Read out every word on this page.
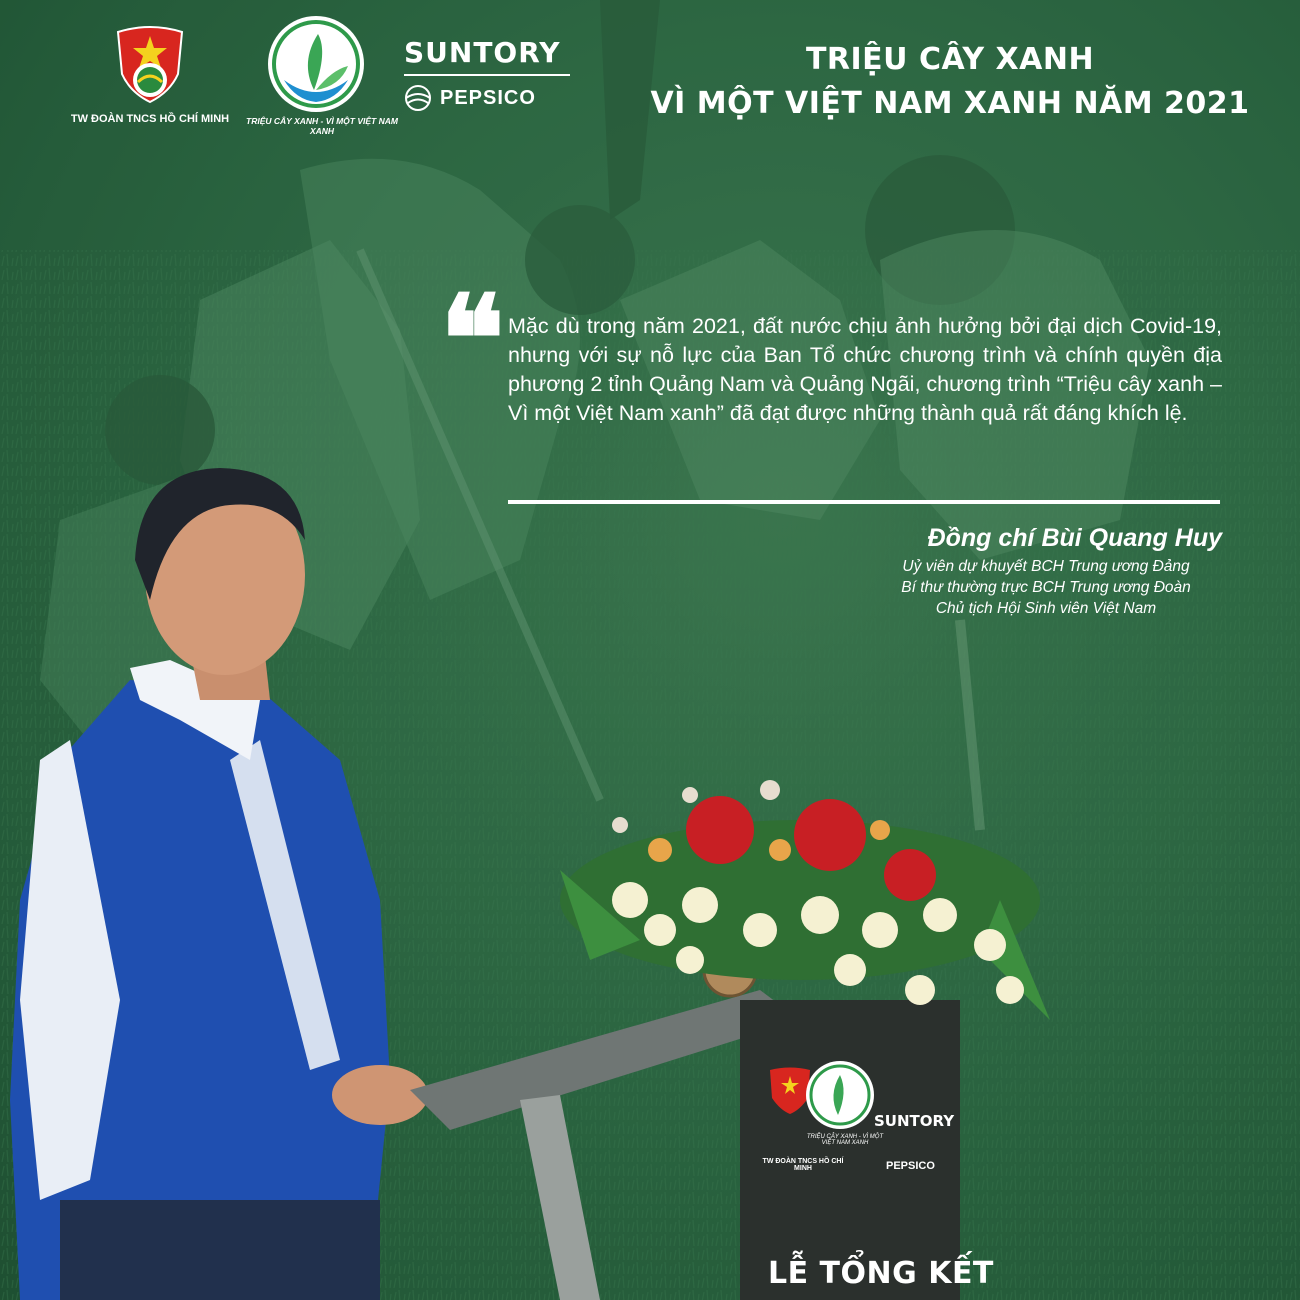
TW ĐOÀN TNCS HỒ CHÍ MINH	TRIỆU CÂY XANH - VÌ MỘT VIỆT NAM XANH
SUNTORY
PEPSICO
TRIỆU CÂY XANH
VÌ MỘT VIỆT NAM XANH NĂM 2021
❝ Mặc dù trong năm 2021, đất nước chịu ảnh hưởng bởi đại dịch Covid-19, nhưng với sự nỗ lực của Ban Tổ chức chương trình và chính quyền địa phương 2 tỉnh Quảng Nam và Quảng Ngãi, chương trình “Triệu cây xanh – Vì một Việt Nam xanh” đã đạt được những thành quả rất đáng khích lệ.
Đồng chí Bùi Quang Huy
Uỷ viên dự khuyết BCH Trung ương Đảng
Bí thư thường trực BCH Trung ương Đoàn
Chủ tịch Hội Sinh viên Việt Nam
TW ĐOÀN TNCS HỒ CHÍ MINH
TRIỆU CÂY XANH - VÌ MỘT VIỆT NAM XANH
SUNTORY
PEPSICO
LỄ TỔNG KẾT
